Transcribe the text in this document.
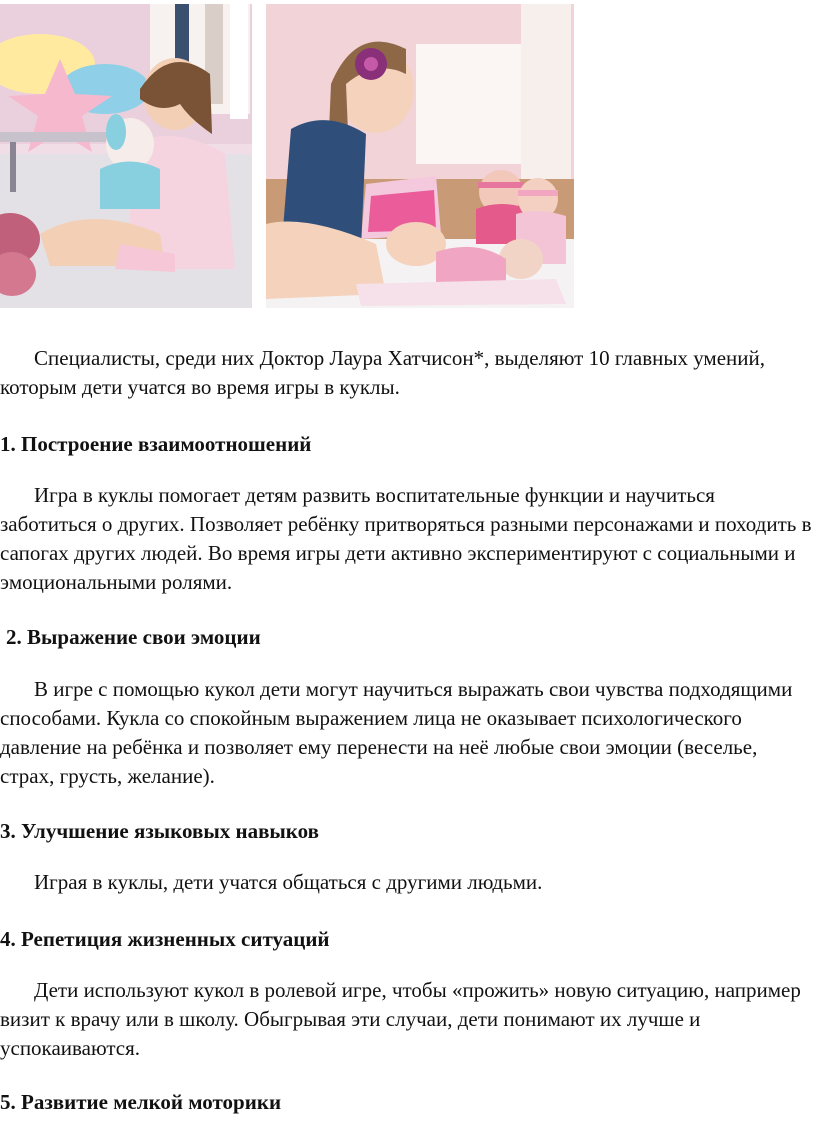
Специалисты, среди них Доктор Лаура Хатчисон*, выделяют 10 главных умений, которым дети учатся во время игры в куклы.

1. Построение взаимоотношений

Игра в куклы помогает детям развить воспитательные функции и научиться заботиться о других. Позволяет ребёнку притворяться разными персонажами и походить в сапогах других людей. Во время игры дети активно экспериментируют с социальными и эмоциональными ролями.

2. Выражение свои эмоции

В игре с помощью кукол дети могут научиться выражать свои чувства подходящими способами. Кукла со спокойным выражением лица не оказывает психологического давление на ребёнка и позволяет ему перенести на неё любые свои эмоции (веселье, страх, грусть, желание).

3. Улучшение языковых навыков

Играя в куклы, дети учатся общаться с другими людьми.

4. Репетиция жизненных ситуаций

Дети используют кукол в ролевой игре, чтобы «прожить» новую ситуацию, например визит к врачу или в школу. Обыгрывая эти случаи, дети понимают их лучше и успокаиваются.

5. Развитие мелкой моторики
